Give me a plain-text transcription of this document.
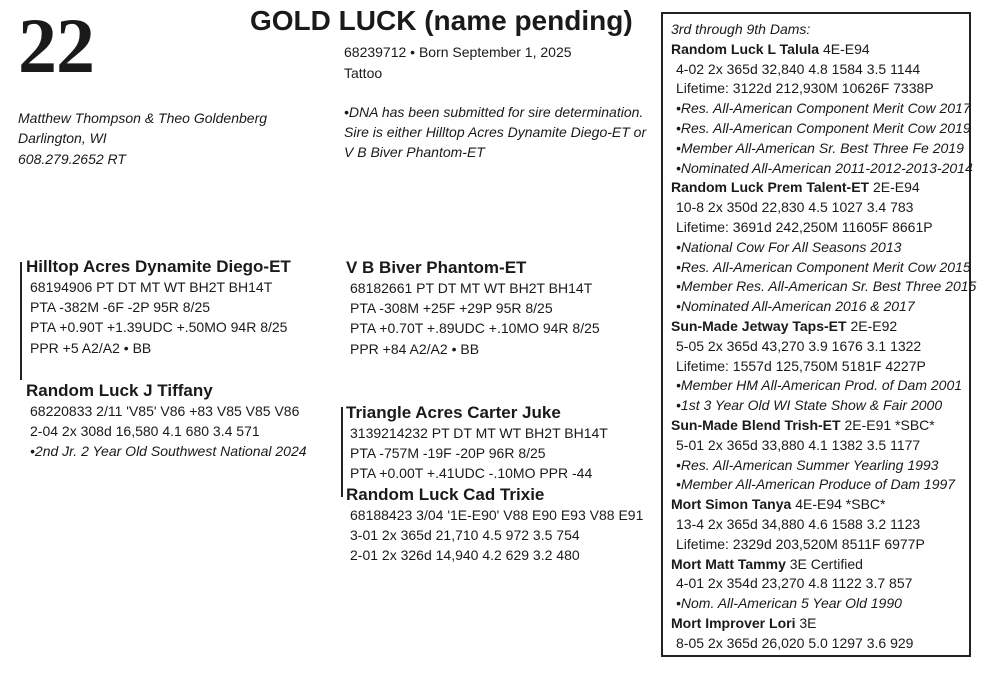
22	GOLD LUCK (name pending)
68239712 • Born September 1, 2025
Tattoo
•DNA has been submitted for sire determination.
Sire is either Hilltop Acres Dynamite Diego-ET or
V B Biver Phantom-ET
Matthew Thompson & Theo Goldenberg
Darlington, WI
608.279.2652 RT
Hilltop Acres Dynamite Diego-ET
68194906 PT DT MT WT BH2T BH14T
PTA -382M -6F -2P 95R 8/25
PTA +0.90T +1.39UDC +.50MO 94R 8/25
PPR +5 A2/A2 • BB
V B Biver Phantom-ET
68182661 PT DT MT WT BH2T BH14T
PTA -308M +25F +29P 95R 8/25
PTA +0.70T +.89UDC +.10MO 94R 8/25
PPR +84 A2/A2 • BB
Random Luck J Tiffany
68220833 2/11 'V85' V86 +83 V85 V85 V86
2-04 2x 308d 16,580 4.1 680 3.4 571
•2nd Jr. 2 Year Old Southwest National 2024
Triangle Acres Carter Juke
3139214232 PT DT MT WT BH2T BH14T
PTA -757M -19F -20P 96R 8/25
PTA +0.00T +.41UDC -.10MO PPR -44
Random Luck Cad Trixie
68188423 3/04 '1E-E90' V88 E90 E93 V88 E91
3-01 2x 365d 21,710 4.5 972 3.5 754
2-01 2x 326d 14,940 4.2 629 3.2 480
3rd through 9th Dams:
Random Luck L Talula 4E-E94
4-02 2x 365d 32,840 4.8 1584 3.5 1144
Lifetime: 3122d 212,930M 10626F 7338P
•Res. All-American Component Merit Cow 2017
•Res. All-American Component Merit Cow 2019
•Member All-American Sr. Best Three Fe 2019
•Nominated All-American 2011-2012-2013-2014
Random Luck Prem Talent-ET 2E-E94
10-8 2x 350d 22,830 4.5 1027 3.4 783
Lifetime: 3691d 242,250M 11605F 8661P
•National Cow For All Seasons 2013
•Res. All-American Component Merit Cow 2015
•Member Res. All-American Sr. Best Three 2015
•Nominated All-American 2016 & 2017
Sun-Made Jetway Taps-ET 2E-E92
5-05 2x 365d 43,270 3.9 1676 3.1 1322
Lifetime: 1557d 125,750M 5181F 4227P
•Member HM All-American Prod. of Dam 2001
•1st 3 Year Old WI State Show & Fair 2000
Sun-Made Blend Trish-ET 2E-E91 *SBC*
5-01 2x 365d 33,880 4.1 1382 3.5 1177
•Res. All-American Summer Yearling 1993
•Member All-American Produce of Dam 1997
Mort Simon Tanya 4E-E94 *SBC*
13-4 2x 365d 34,880 4.6 1588 3.2 1123
Lifetime: 2329d 203,520M 8511F 6977P
Mort Matt Tammy 3E Certified
4-01 2x 354d 23,270 4.8 1122 3.7 857
•Nom. All-American 5 Year Old 1990
Mort Improver Lori 3E
8-05 2x 365d 26,020 5.0 1297 3.6 929
